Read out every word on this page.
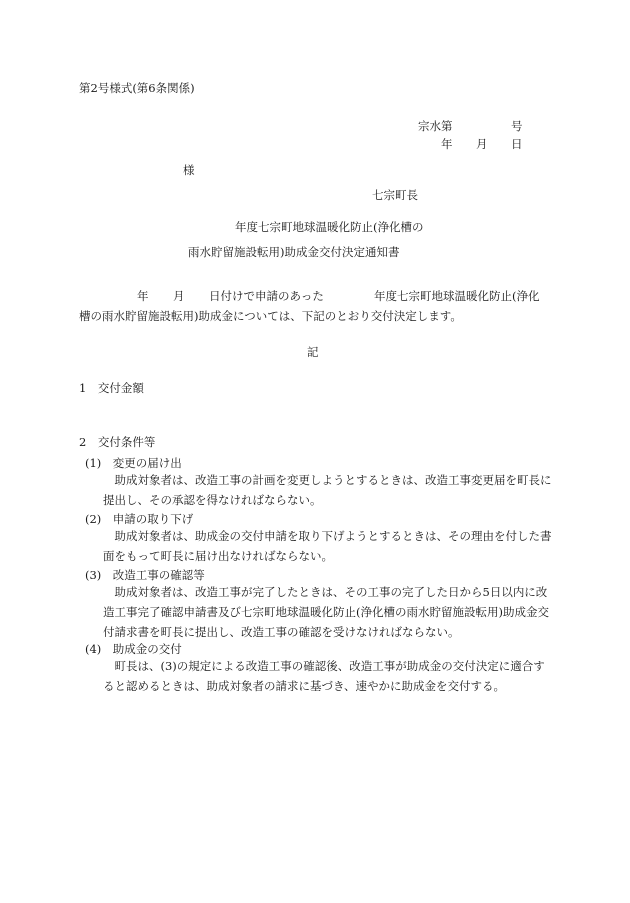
第2号様式(第6条関係)
宗水第	号
年 月 日
様
七宗町長
年度七宗町地球温暖化防止(浄化槽の
雨水貯留施設転用)助成金交付決定通知書
年 月 日付けで申請のあった	年度七宗町地球温暖化防止(浄化
槽の雨水貯留施設転用)助成金については、下記のとおり交付決定します。
記
1　交付金額
2　交付条件等
(1)　変更の届け出
助成対象者は、改造工事の計画を変更しようとするときは、改造工事変更届を町長に提出し、その承認を得なければならない。
(2)　申請の取り下げ
助成対象者は、助成金の交付申請を取り下げようとするときは、その理由を付した書面をもって町長に届け出なければならない。
(3)　改造工事の確認等
助成対象者は、改造工事が完了したときは、その工事の完了した日から5日以内に改造工事完了確認申請書及び七宗町地球温暖化防止(浄化槽の雨水貯留施設転用)助成金交付請求書を町長に提出し、改造工事の確認を受けなければならない。
(4)　助成金の交付
町長は、(3)の規定による改造工事の確認後、改造工事が助成金の交付決定に適合すると認めるときは、助成対象者の請求に基づき、速やかに助成金を交付する。
